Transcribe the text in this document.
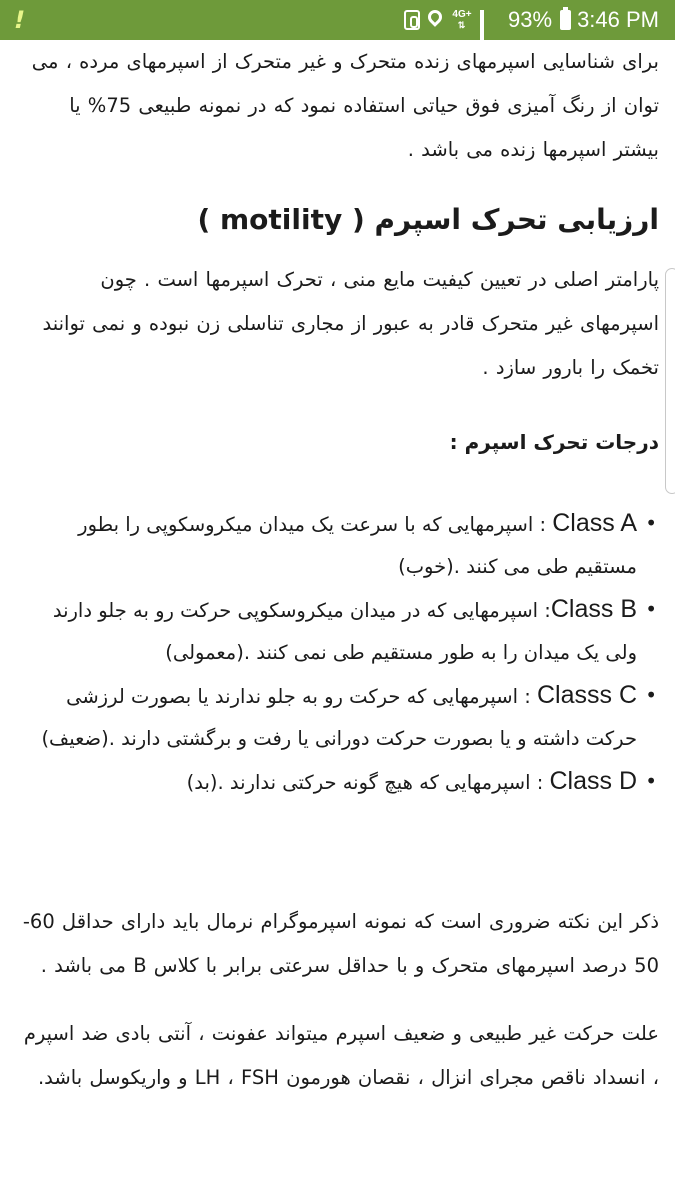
!	4G+
⇅	93% 3:46 PM

برای شناسایی اسپرمهای زنده متحرک و غیر متحرک از اسپرمهای مرده ، می توان از رنگ آمیزی فوق حیاتی استفاده نمود که در نمونه طبیعی 75% یا بیشتر اسپرمها زنده می باشد .

ارزیابی تحرک اسپرم ( motility )

پارامتر اصلی در تعیین کیفیت مایع منی ، تحرک اسپرمها است . چون اسپرمهای غیر متحرک قادر به عبور از مجاری تناسلی زن نبوده و نمی توانند تخمک را بارور سازد .

درجات تحرک اسپرم :
• Class A : اسپرمهایی که با سرعت یک میدان میکروسکوپی را بطور مستقیم طی می کنند .(خوب)
• Class B: اسپرمهایی که در میدان میکروسکوپی حرکت رو به جلو دارند ولی یک میدان را به طور مستقیم طی نمی کنند .(معمولی)
• Classs C : اسپرمهایی که حرکت رو به جلو ندارند یا بصورت لرزشی حرکت داشته و یا بصورت حرکت دورانی یا رفت و برگشتی دارند .(ضعیف)
• Class D : اسپرمهایی که هیچ گونه حرکتی ندارند .(بد)

ذکر این نکته ضروری است که نمونه اسپرموگرام نرمال باید دارای حداقل 60-50 درصد اسپرمهای متحرک و با حداقل سرعتی برابر با کلاس B می باشد .

علت حرکت غیر طبیعی و ضعیف اسپرم میتواند عفونت ، آنتی بادی ضد اسپرم ، انسداد ناقص مجرای انزال ، نقصان هورمون LH ، FSH و واریکوسل باشد.
